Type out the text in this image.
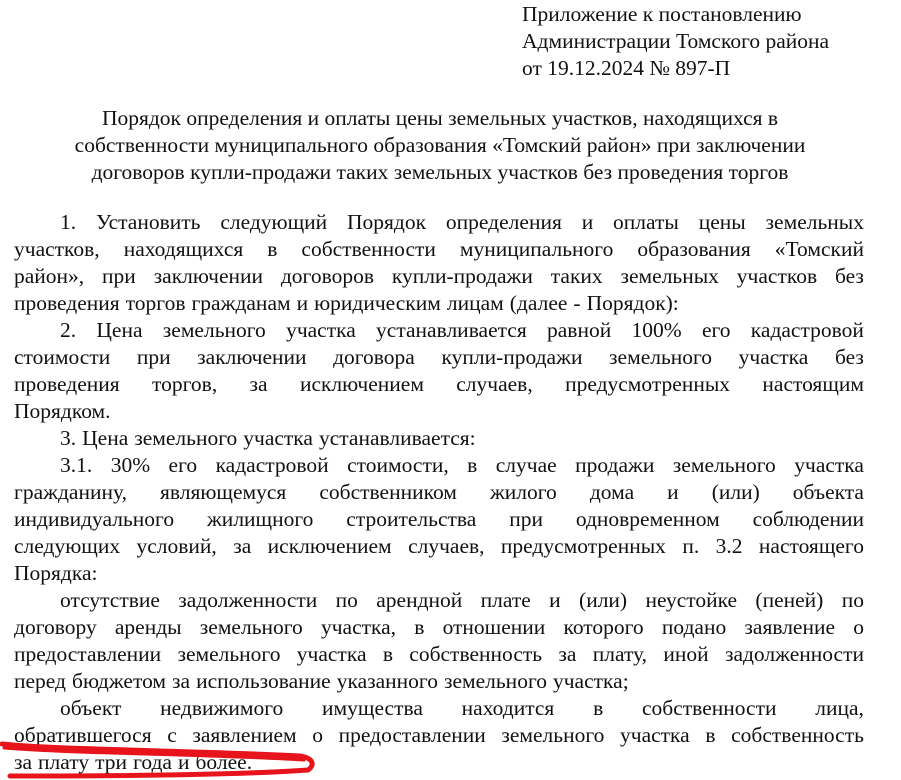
Приложение к постановлению
Администрации Томского района
от 19.12.2024 № 897-П
Порядок определения и оплаты цены земельных участков, находящихся в
собственности муниципального образования «Томский район» при заключении
договоров купли-продажи таких земельных участков без проведения торгов
1. Установить следующий Порядок определения и оплаты цены земельных
участков, находящихся в собственности муниципального образования «Томский
район», при заключении договоров купли-продажи таких земельных участков без
проведения торгов гражданам и юридическим лицам (далее - Порядок):
2. Цена земельного участка устанавливается равной 100% его кадастровой
стоимости при заключении договора купли-продажи земельного участка без
проведения торгов, за исключением случаев, предусмотренных настоящим
Порядком.
3. Цена земельного участка устанавливается:
3.1. 30% его кадастровой стоимости, в случае продажи земельного участка
гражданину, являющемуся собственником жилого дома и (или) объекта
индивидуального жилищного строительства при одновременном соблюдении
следующих условий, за исключением случаев, предусмотренных п. 3.2 настоящего
Порядка:
отсутствие задолженности по арендной плате и (или) неустойке (пеней) по
договору аренды земельного участка, в отношении которого подано заявление о
предоставлении земельного участка в собственность за плату, иной задолженности
перед бюджетом за использование указанного земельного участка;
объект недвижимого имущества находится в собственности лица,
обратившегося с заявлением о предоставлении земельного участка в собственность
за плату три года и более.
